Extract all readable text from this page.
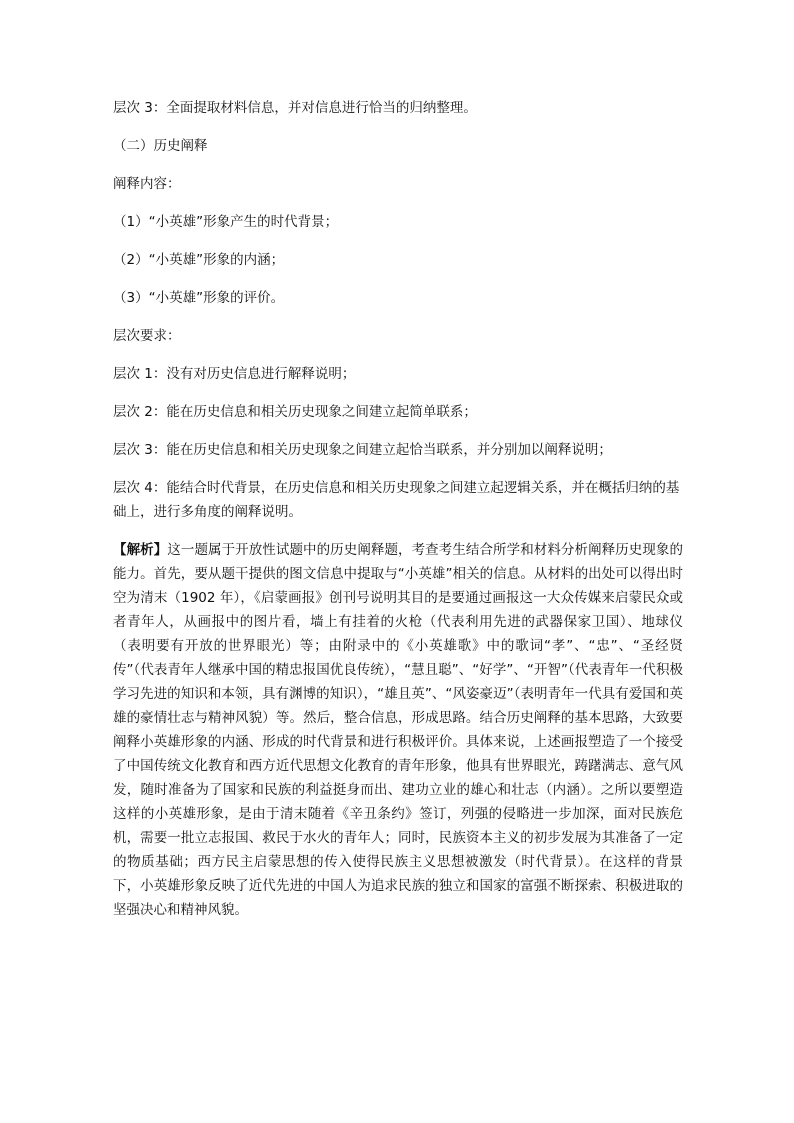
层次 3：全面提取材料信息，并对信息进行恰当的归纳整理。

（二）历史阐释

阐释内容：

（1）“小英雄”形象产生的时代背景；

（2）“小英雄”形象的内涵；

（3）“小英雄”形象的评价。

层次要求：

层次 1：没有对历史信息进行解释说明；

层次 2：能在历史信息和相关历史现象之间建立起简单联系；

层次 3：能在历史信息和相关历史现象之间建立起恰当联系，并分别加以阐释说明；

层次 4：能结合时代背景，在历史信息和相关历史现象之间建立起逻辑关系，并在概括归纳的基础上，进行多角度的阐释说明。

【解析】这一题属于开放性试题中的历史阐释题，考查考生结合所学和材料分析阐释历史现象的能力。首先，要从题干提供的图文信息中提取与“小英雄”相关的信息。从材料的出处可以得出时空为清末（1902 年），《启蒙画报》创刊号说明其目的是要通过画报这一大众传媒来启蒙民众或者青年人，从画报中的图片看，墙上有挂着的火枪（代表利用先进的武器保家卫国）、地球仪（表明要有开放的世界眼光）等；由附录中的《小英雄歌》中的歌词“孝”、“忠”、“圣经贤传”（代表青年人继承中国的精忠报国优良传统），“慧且聪”、“好学”、“开智”（代表青年一代积极学习先进的知识和本领，具有渊博的知识），“雄且英”、“风姿豪迈”（表明青年一代具有爱国和英雄的豪情壮志与精神风貌）等。然后，整合信息，形成思路。结合历史阐释的基本思路，大致要阐释小英雄形象的内涵、形成的时代背景和进行积极评价。具体来说，上述画报塑造了一个接受了中国传统文化教育和西方近代思想文化教育的青年形象，他具有世界眼光，踌躇满志、意气风发，随时准备为了国家和民族的利益挺身而出、建功立业的雄心和壮志（内涵）。之所以要塑造这样的小英雄形象，是由于清末随着《辛丑条约》签订，列强的侵略进一步加深，面对民族危机，需要一批立志报国、救民于水火的青年人；同时，民族资本主义的初步发展为其准备了一定的物质基础；西方民主启蒙思想的传入使得民族主义思想被激发（时代背景）。在这样的背景下，小英雄形象反映了近代先进的中国人为追求民族的独立和国家的富强不断探索、积极进取的坚强决心和精神风貌。
